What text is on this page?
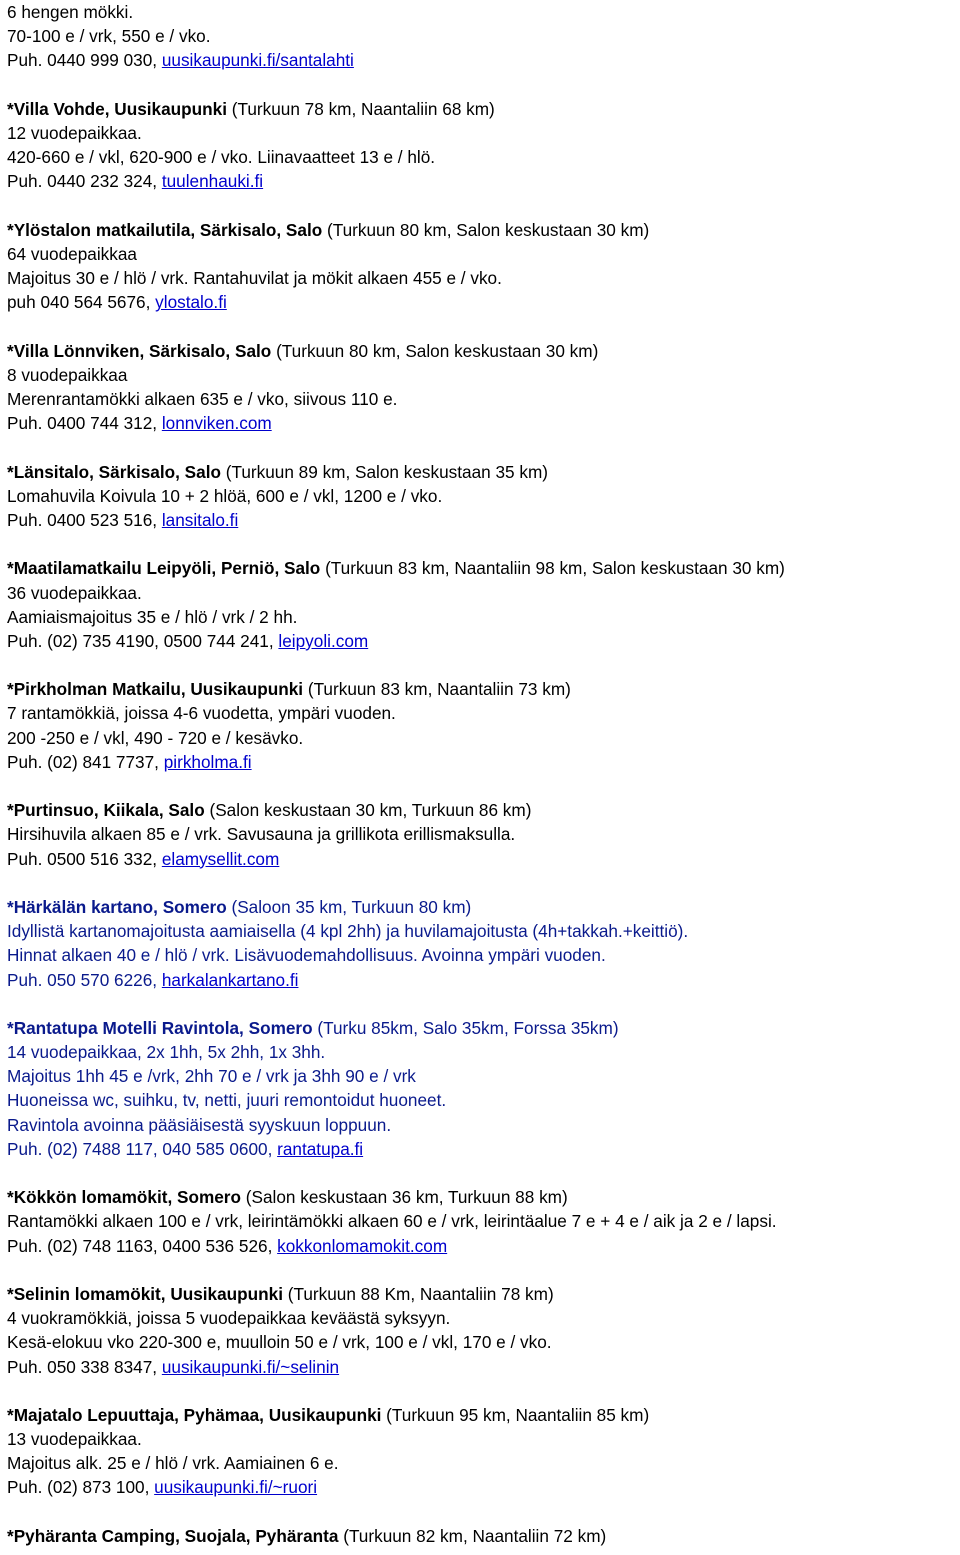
6 hengen mökki.
70-100 e / vrk, 550 e / vko.
Puh. 0440 999 030, uusikaupunki.fi/santalahti
*Villa Vohde, Uusikaupunki (Turkuun 78 km, Naantaliin 68 km)
12 vuodepaikkaa.
420-660 e / vkl, 620-900 e / vko. Liinavaatteet 13 e / hlö.
Puh. 0440 232 324, tuulenhauki.fi
*Ylöstalon matkailutila, Särkisalo, Salo (Turkuun 80 km, Salon keskustaan 30 km)
64 vuodepaikkaa
Majoitus 30 e / hlö / vrk. Rantahuvilat ja mökit alkaen 455 e / vko.
puh 040 564 5676, ylostalo.fi
*Villa Lönnviken, Särkisalo, Salo (Turkuun 80 km, Salon keskustaan 30 km)
8 vuodepaikkaa
Merenrantamökki alkaen 635 e / vko, siivous 110 e.
Puh. 0400 744 312, lonnviken.com
*Länsitalo, Särkisalo, Salo (Turkuun 89 km, Salon keskustaan 35 km)
Lomahuvila Koivula 10 + 2 hlöä, 600 e / vkl, 1200 e / vko.
Puh. 0400 523 516, lansitalo.fi
*Maatilamatkailu Leipyöli, Perniö, Salo (Turkuun 83 km, Naantaliin 98 km, Salon keskustaan 30 km)
36 vuodepaikkaa.
Aamiaismajoitus 35 e / hlö / vrk / 2 hh.
Puh. (02) 735 4190, 0500 744 241, leipyoli.com
*Pirkholman Matkailu, Uusikaupunki (Turkuun 83 km, Naantaliin 73 km)
7 rantamökkiä, joissa 4-6 vuodetta, ympäri vuoden.
200 -250 e / vkl, 490 - 720 e / kesävko.
Puh. (02) 841 7737, pirkholma.fi
*Purtinsuo, Kiikala, Salo (Salon keskustaan 30 km, Turkuun 86 km)
Hirsihuvila alkaen 85 e / vrk. Savusauna ja grillikota erillismaksulla.
Puh. 0500 516 332, elamysellit.com
*Härkälän kartano, Somero (Saloon 35 km, Turkuun 80 km)
Idyllistä kartanomajoitusta aamiaisella (4 kpl 2hh) ja huvilamajoitusta (4h+takkah.+keittiö).
Hinnat alkaen 40 e / hlö / vrk. Lisävuodemahdollisuus. Avoinna ympäri vuoden.
Puh. 050 570 6226, harkalankartano.fi
*Rantatupa Motelli Ravintola, Somero (Turku 85km, Salo 35km, Forssa 35km)
14 vuodepaikkaa, 2x 1hh, 5x 2hh, 1x 3hh.
Majoitus 1hh 45 e /vrk, 2hh 70 e / vrk ja 3hh 90 e / vrk
Huoneissa wc, suihku, tv, netti, juuri remontoidut huoneet.
Ravintola avoinna pääsiäisestä syyskuun loppuun.
Puh. (02) 7488 117, 040 585 0600, rantatupa.fi
*Kökkön lomamökit, Somero (Salon keskustaan 36 km, Turkuun 88 km)
Rantamökki alkaen 100 e / vrk, leirintämökki alkaen 60 e / vrk, leirintäalue 7 e + 4 e / aik ja 2 e / lapsi.
Puh. (02) 748 1163, 0400 536 526, kokkonlomamokit.com
*Selinin lomamökit, Uusikaupunki (Turkuun 88 Km, Naantaliin 78 km)
4 vuokramökkiä, joissa 5 vuodepaikkaa keväästä syksyyn.
Kesä-elokuu vko 220-300 e, muulloin 50 e / vrk, 100 e / vkl, 170 e / vko.
Puh. 050 338 8347, uusikaupunki.fi/~selinin
*Majatalo Lepuuttaja, Pyhämaa, Uusikaupunki (Turkuun 95 km, Naantaliin 85 km)
13 vuodepaikkaa.
Majoitus alk. 25 e / hlö / vrk. Aamiainen 6 e.
Puh. (02) 873 100, uusikaupunki.fi/~ruori
*Pyhäranta Camping, Suojala, Pyhäranta (Turkuun 82 km, Naantaliin 72 km)
